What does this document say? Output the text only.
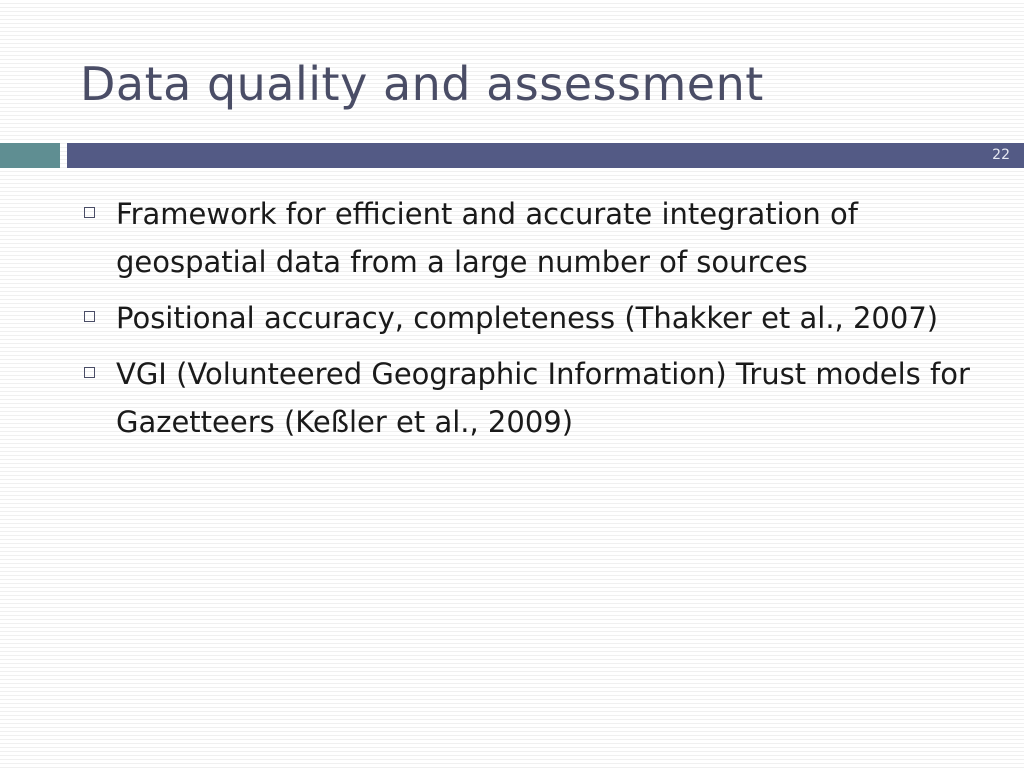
Data quality and assessment
22
Framework for efficient and accurate integration of geospatial data from a large number of sources
Positional accuracy, completeness (Thakker et al., 2007)
VGI (Volunteered Geographic Information) Trust models for Gazetteers (Keßler et al., 2009)
